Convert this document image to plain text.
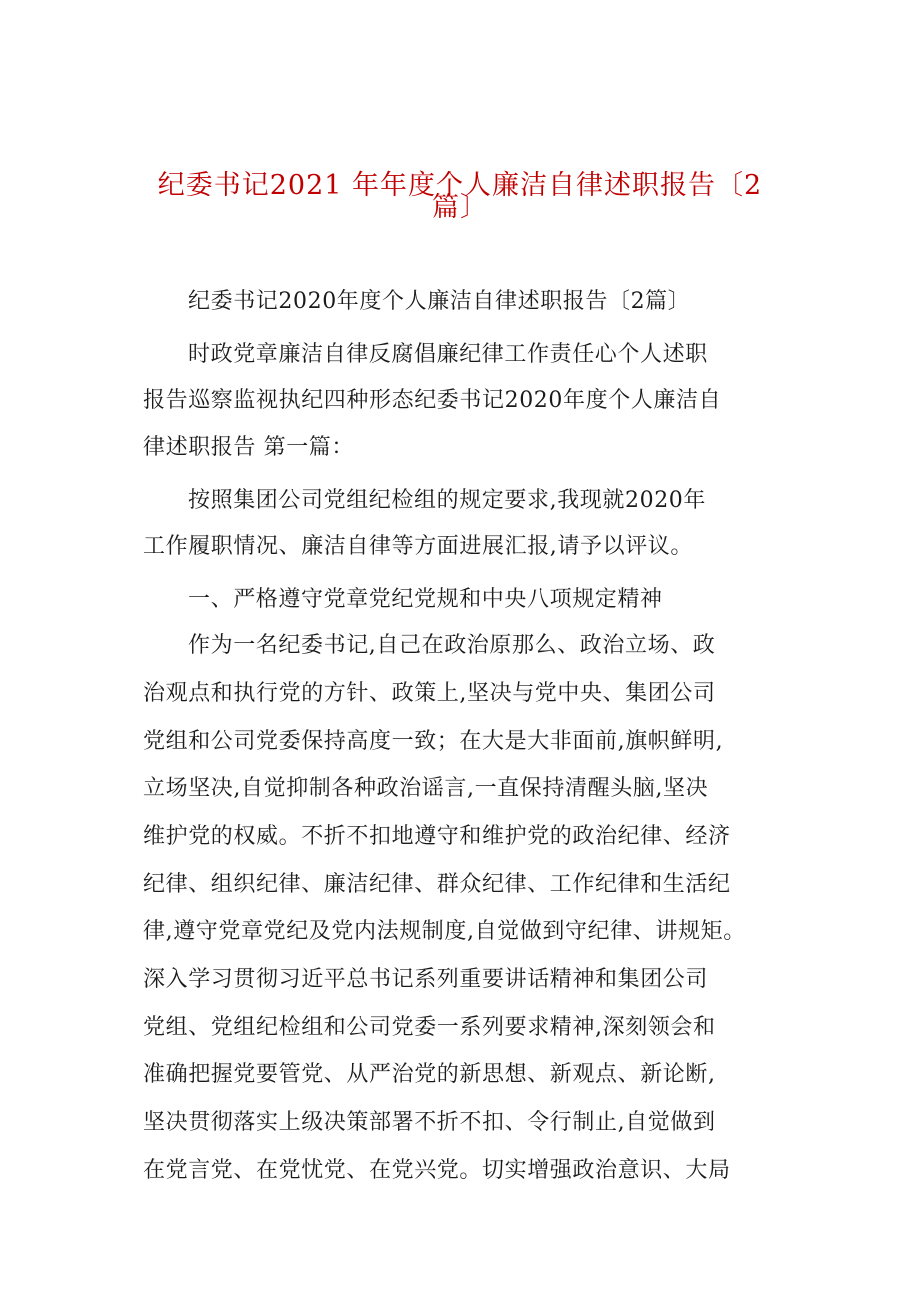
纪委书记2021 年年度个人廉洁自律述职报告〔2
篇〕

纪委书记2020年度个人廉洁自律述职报告〔2篇〕

时政党章廉洁自律反腐倡廉纪律工作责任心个人述职

报告巡察监视执纪四种形态纪委书记2020年度个人廉洁自

律述职报告 第一篇：

按照集团公司党组纪检组的规定要求,我现就2020年

工作履职情况、廉洁自律等方面进展汇报,请予以评议。

一、严格遵守党章党纪党规和中央八项规定精神

作为一名纪委书记,自己在政治原那么、政治立场、政

治观点和执行党的方针、政策上,坚决与党中央、集团公司

党组和公司党委保持高度一致；在大是大非面前,旗帜鲜明,

立场坚决,自觉抑制各种政治谣言,一直保持清醒头脑,坚决

维护党的权威。不折不扣地遵守和维护党的政治纪律、经济

纪律、组织纪律、廉洁纪律、群众纪律、工作纪律和生活纪

律,遵守党章党纪及党内法规制度,自觉做到守纪律、讲规矩。

深入学习贯彻习近平总书记系列重要讲话精神和集团公司

党组、党组纪检组和公司党委一系列要求精神,深刻领会和

准确把握党要管党、从严治党的新思想、新观点、新论断,

坚决贯彻落实上级决策部署不折不扣、令行制止,自觉做到

在党言党、在党忧党、在党兴党。切实增强政治意识、大局
